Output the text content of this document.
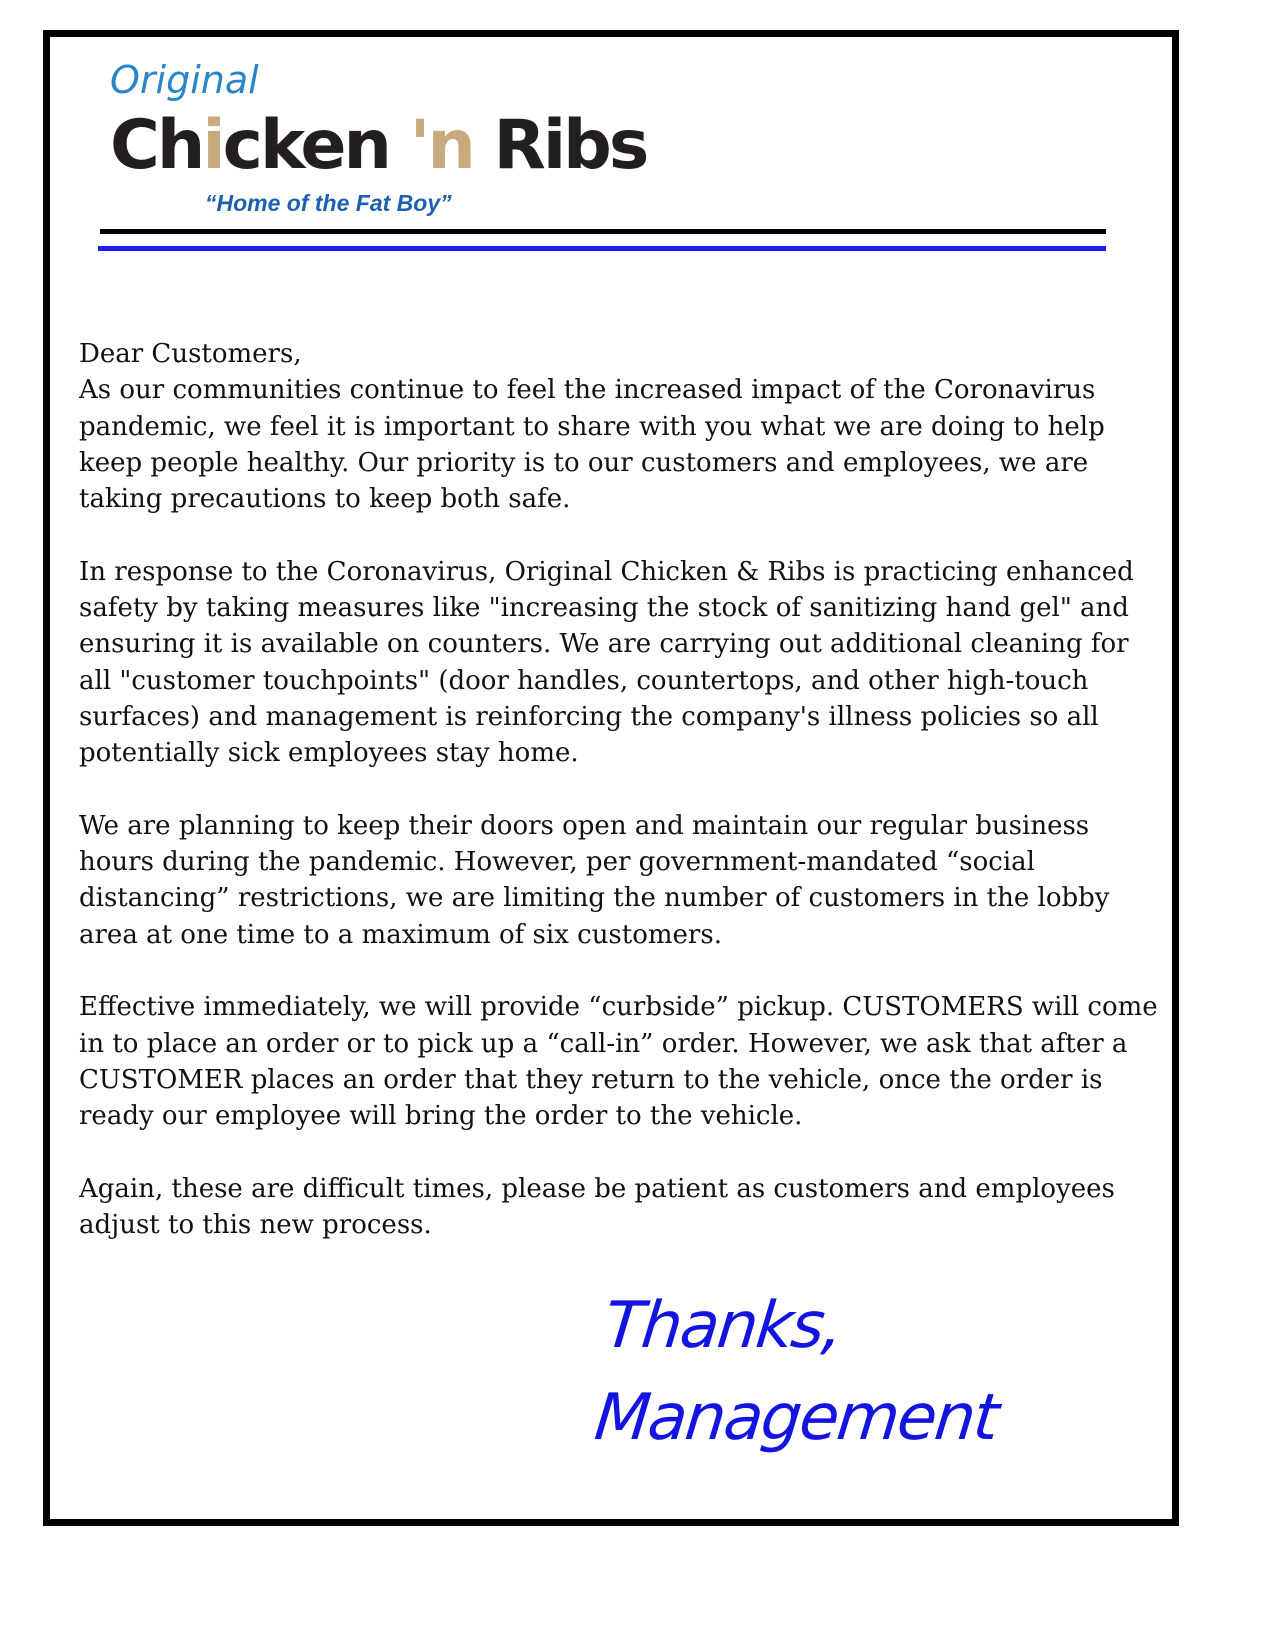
Original
Chicken 'n Ribs
“Home of the Fat Boy”

Dear Customers,

As our communities continue to feel the increased impact of the Coronavirus pandemic, we feel it is important to share with you what we are doing to help keep people healthy. Our priority is to our customers and employees, we are taking precautions to keep both safe.

In response to the Coronavirus, Original Chicken & Ribs is practicing enhanced safety by taking measures like "increasing the stock of sanitizing hand gel" and ensuring it is available on counters. We are carrying out additional cleaning for all "customer touchpoints" (door handles, countertops, and other high-touch surfaces) and management is reinforcing the company's illness policies so all potentially sick employees stay home.

We are planning to keep their doors open and maintain our regular business hours during the pandemic. However, per government-mandated “social distancing” restrictions, we are limiting the number of customers in the lobby area at one time to a maximum of six customers.

Effective immediately, we will provide “curbside” pickup. CUSTOMERS will come in to place an order or to pick up a “call-in” order. However, we ask that after a CUSTOMER places an order that they return to the vehicle, once the order is ready our employee will bring the order to the vehicle.

Again, these are difficult times, please be patient as customers and employees adjust to this new process.

Thanks,
Management
